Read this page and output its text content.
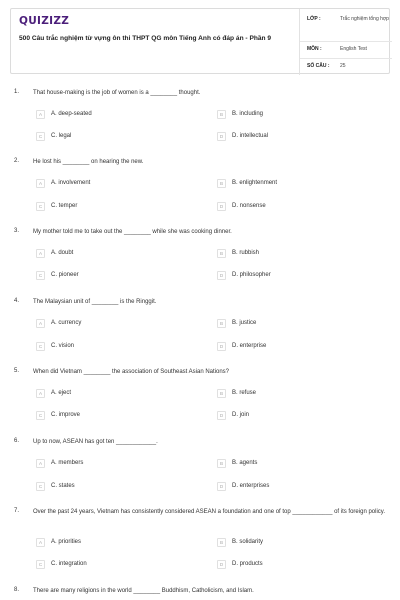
QUIZIZZ
500 Câu trắc nghiệm từ vựng ôn thi THPT QG môn Tiếng Anh có đáp án - Phần 9
LỚP :	Trắc nghiệm tổng hợp
MÔN :	English Test
SỐ CÂU : 25
1. That house-making is the job of women is a ________ thought.
A	A. deep-seated	B	B. including
C	C. legal	D	D. intellectual
2. He lost his ________ on hearing the new.
A	A. involvement	B	B. enlightenment
C	C. temper	D	D. nonsense
3. My mother told me to take out the ________ while she was cooking dinner.
A	A. doubt	B	B. rubbish
C	C. pioneer	D	D. philosopher
4. The Malaysian unit of ________ is the Ringgit.
A	A. currency	B	B. justice
C	C. vision	D	D. enterprise
5. When did Vietnam ________ the association of Southeast Asian Nations?
A	A. eject	B	B. refuse
C	C. improve	D	D. join
6. Up to now, ASEAN has got ten ____________.
A	A. members	B	B. agents
C	C. states	D	D. enterprises
7. Over the past 24 years, Vietnam has consistently considered ASEAN a foundation and one of top ____________ of its foreign policy.
A	A. priorities	B	B. solidarity
C	C. integration	D	D. products
8. There are many religions in the world ________ Buddhism, Catholicism, and Islam.
